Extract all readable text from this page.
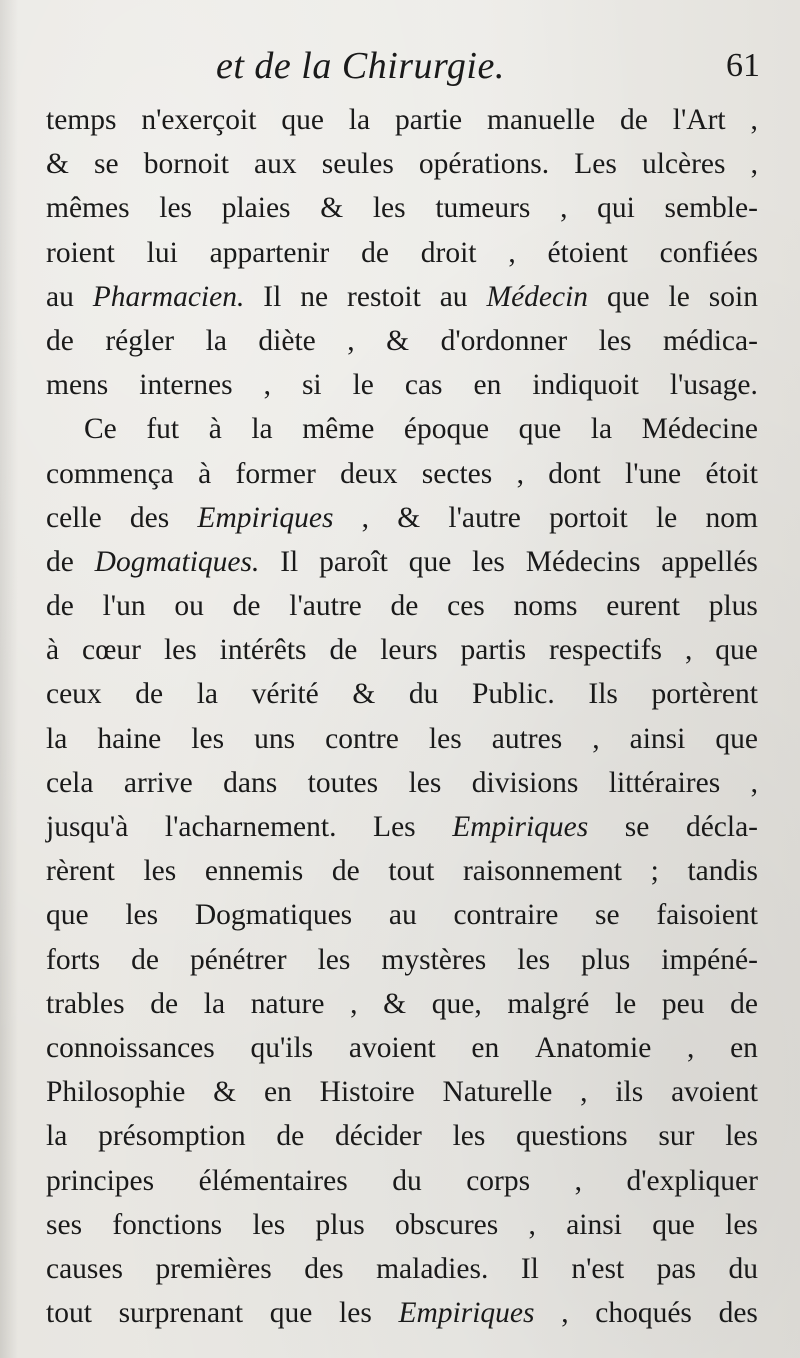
et de la Chirurgie.	61
temps n'exerçoit que la partie manuelle de l'Art ,
& se bornoit aux seules opérations. Les ulcères ,
mêmes les plaies & les tumeurs , qui semble-
roient lui appartenir de droit , étoient confiées
au Pharmacien. Il ne restoit au Médecin que le soin
de régler la diète , & d'ordonner les médica-
mens internes , si le cas en indiquoit l'usage.
Ce fut à la même époque que la Médecine
commença à former deux sectes , dont l'une étoit
celle des Empiriques , & l'autre portoit le nom
de Dogmatiques. Il paroît que les Médecins appellés
de l'un ou de l'autre de ces noms eurent plus
à cœur les intérêts de leurs partis respectifs , que
ceux de la vérité & du Public. Ils portèrent
la haine les uns contre les autres , ainsi que
cela arrive dans toutes les divisions littéraires ,
jusqu'à l'acharnement. Les Empiriques se décla-
rèrent les ennemis de tout raisonnement ; tandis
que les Dogmatiques au contraire se faisoient
forts de pénétrer les mystères les plus impéné-
trables de la nature , & que, malgré le peu de
connoissances qu'ils avoient en Anatomie , en
Philosophie & en Histoire Naturelle , ils avoient
la présomption de décider les questions sur les
principes élémentaires du corps , d'expliquer
ses fonctions les plus obscures , ainsi que les
causes premières des maladies. Il n'est pas du
tout surprenant que les Empiriques , choqués des
